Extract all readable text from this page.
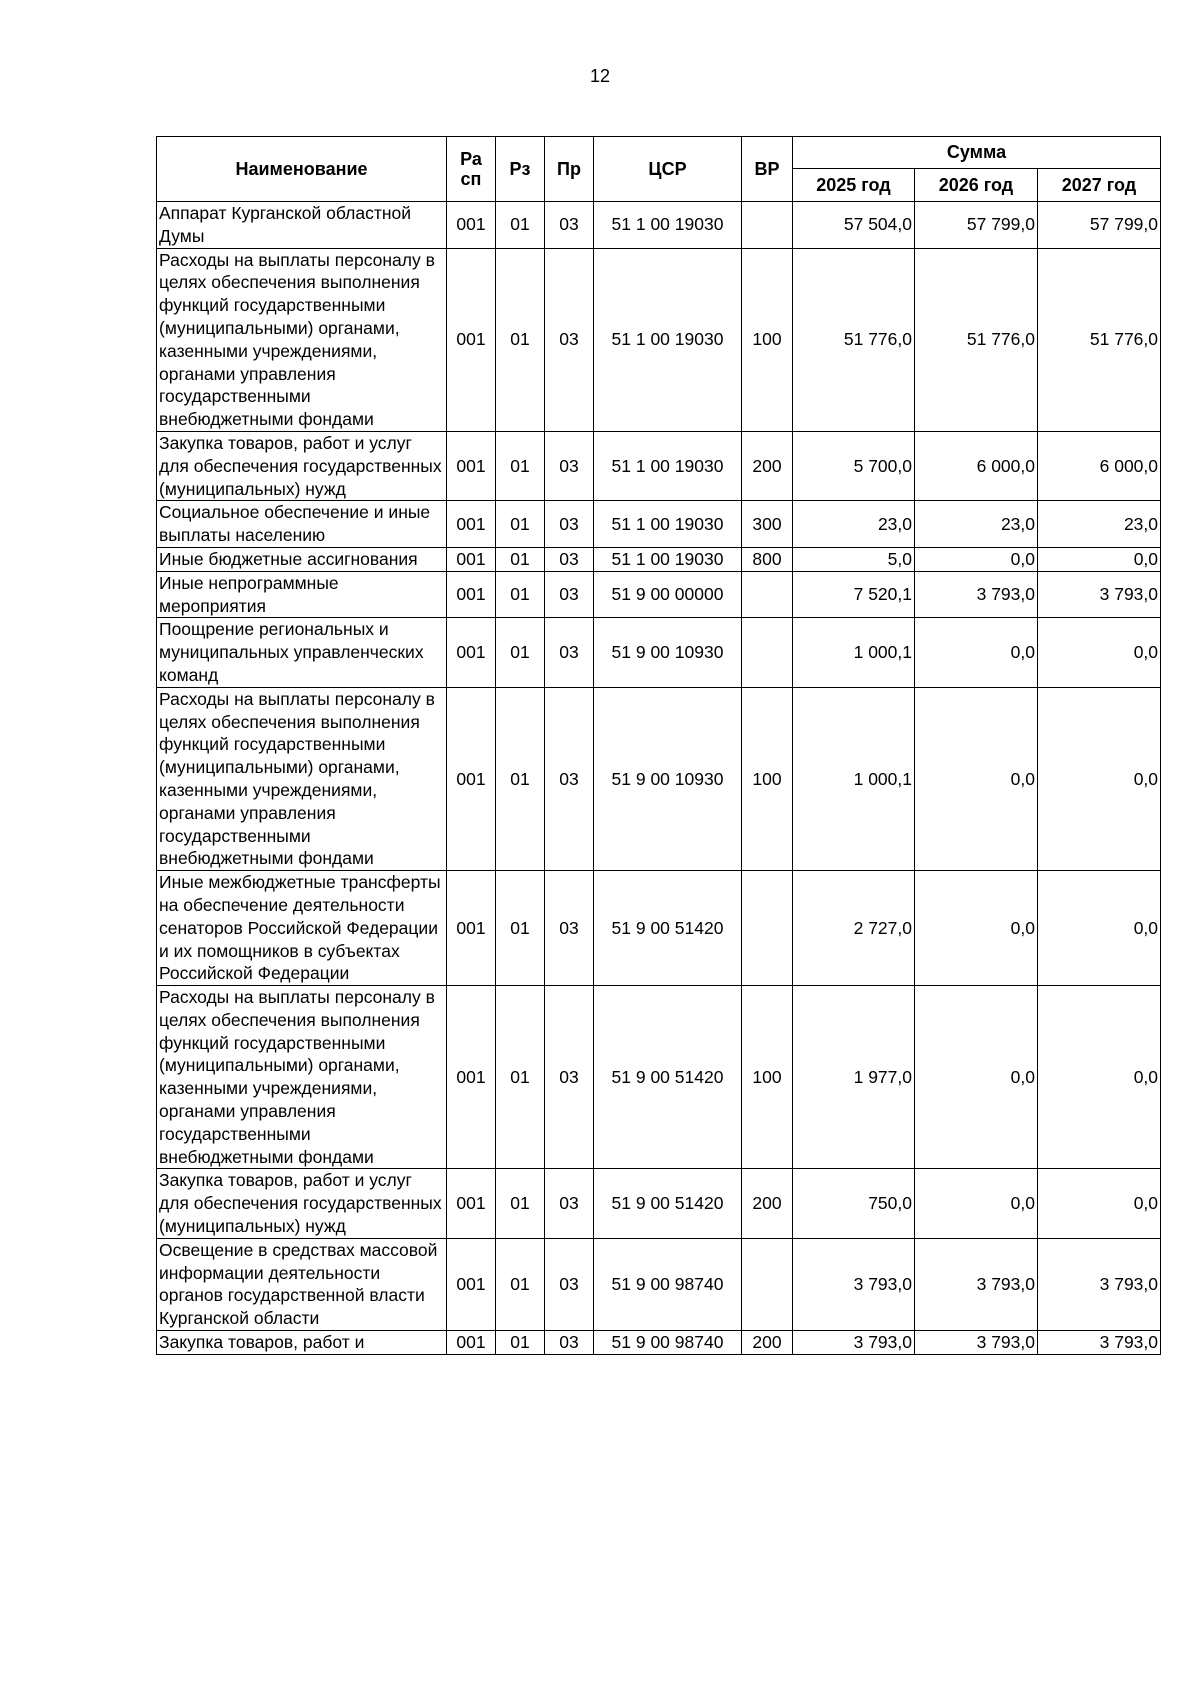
12
Наименование	Ра
сп	Рз	Пр	ЦСР	ВР	Сумма		
						2025 год	2026 год	2027 год
Аппарат Курганской областной Думы	001	01	03	51 1 00 19030		57 504,0	57 799,0	57 799,0
Расходы на выплаты персоналу в целях обеспечения выполнения функций государственными (муниципальными) органами, казенными учреждениями, органами управления государственными внебюджетными фондами	001	01	03	51 1 00 19030	100	51 776,0	51 776,0	51 776,0
Закупка товаров, работ и услуг для обеспечения государственных (муниципальных) нужд	001	01	03	51 1 00 19030	200	5 700,0	6 000,0	6 000,0
Социальное обеспечение и иные выплаты населению	001	01	03	51 1 00 19030	300	23,0	23,0	23,0
Иные бюджетные ассигнования	001	01	03	51 1 00 19030	800	5,0	0,0	0,0
Иные непрограммные мероприятия	001	01	03	51 9 00 00000		7 520,1	3 793,0	3 793,0
Поощрение региональных и муниципальных управленческих команд	001	01	03	51 9 00 10930		1 000,1	0,0	0,0
Расходы на выплаты персоналу в целях обеспечения выполнения функций государственными (муниципальными) органами, казенными учреждениями, органами управления государственными внебюджетными фондами	001	01	03	51 9 00 10930	100	1 000,1	0,0	0,0
Иные межбюджетные трансферты на обеспечение деятельности сенаторов Российской Федерации и их помощников в субъектах Российской Федерации	001	01	03	51 9 00 51420		2 727,0	0,0	0,0
Расходы на выплаты персоналу в целях обеспечения выполнения функций государственными (муниципальными) органами, казенными учреждениями, органами управления государственными внебюджетными фондами	001	01	03	51 9 00 51420	100	1 977,0	0,0	0,0
Закупка товаров, работ и услуг для обеспечения государственных (муниципальных) нужд	001	01	03	51 9 00 51420	200	750,0	0,0	0,0
Освещение в средствах массовой информации деятельности органов государственной власти Курганской области	001	01	03	51 9 00 98740		3 793,0	3 793,0	3 793,0
Закупка товаров, работ и	001	01	03	51 9 00 98740	200	3 793,0	3 793,0	3 793,0
